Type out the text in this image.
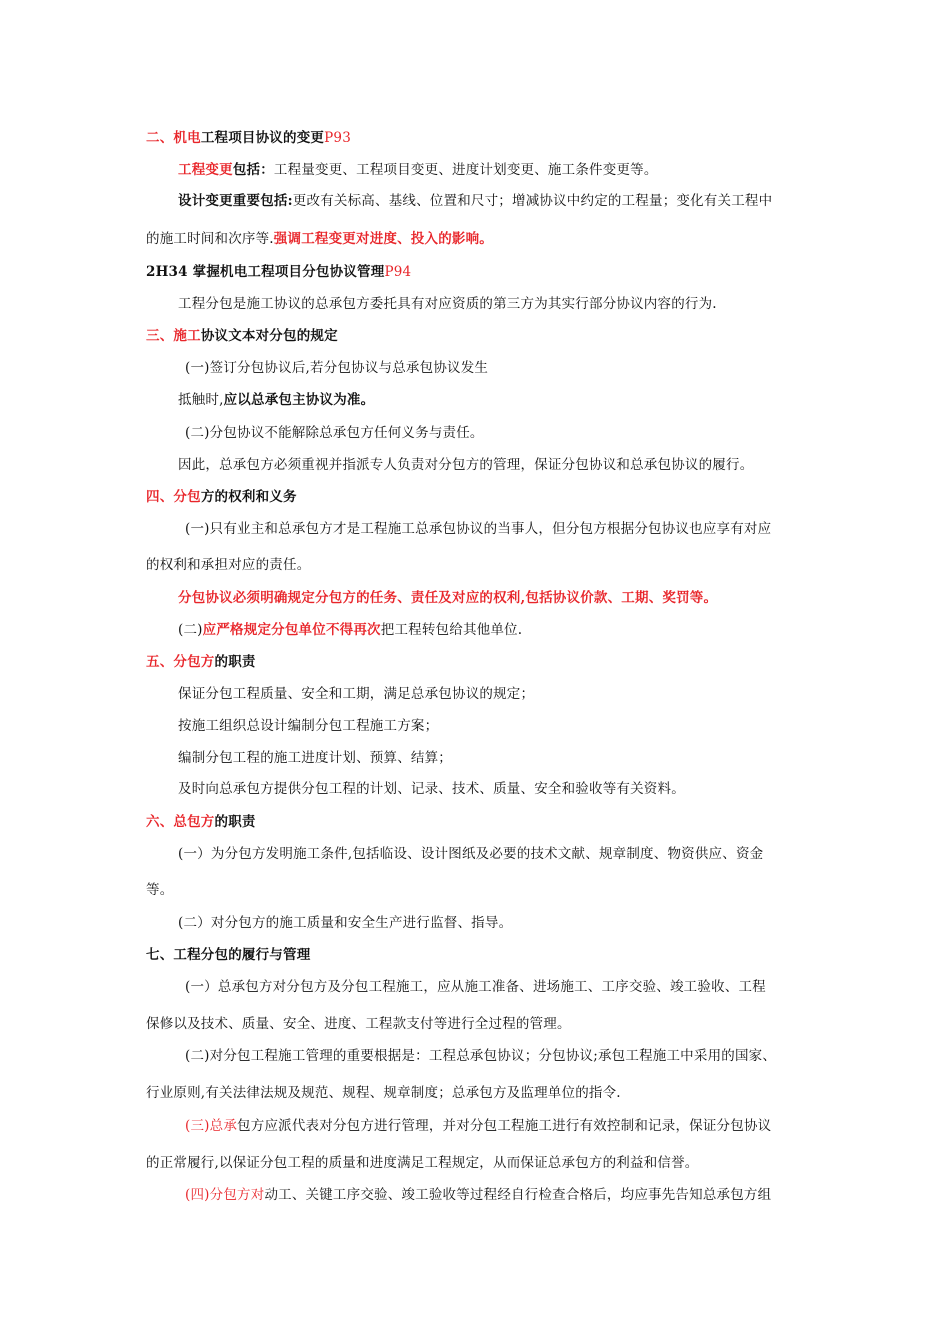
二、机电工程项目协议的变更P93
工程变更包括：工程量变更、工程项目变更、进度计划变更、施工条件变更等。
设计变更重要包括:更改有关标高、基线、位置和尺寸；增减协议中约定的工程量；变化有关工程中
的施工时间和次序等.强调工程变更对进度、投入的影响。
2H34 掌握机电工程项目分包协议管理P94
工程分包是施工协议的总承包方委托具有对应资质的第三方为其实行部分协议内容的行为.
三、施工协议文本对分包的规定
(一)签订分包协议后,若分包协议与总承包协议发生
抵触时,应以总承包主协议为准。
(二)分包协议不能解除总承包方任何义务与责任。
因此，总承包方必须重视并指派专人负责对分包方的管理，保证分包协议和总承包协议的履行。
四、分包方的权利和义务
(一)只有业主和总承包方才是工程施工总承包协议的当事人，但分包方根据分包协议也应享有对应
的权利和承担对应的责任。
分包协议必须明确规定分包方的任务、责任及对应的权利,包括协议价款、工期、奖罚等。
(二)应严格规定分包单位不得再次把工程转包给其他单位.
五、分包方的职责
保证分包工程质量、安全和工期，满足总承包协议的规定；
按施工组织总设计编制分包工程施工方案；
编制分包工程的施工进度计划、预算、结算；
及时向总承包方提供分包工程的计划、记录、技术、质量、安全和验收等有关资料。
六、总包方的职责
(一）为分包方发明施工条件,包括临设、设计图纸及必要的技术文献、规章制度、物资供应、资金
等。
(二）对分包方的施工质量和安全生产进行监督、指导。
七、工程分包的履行与管理
(一）总承包方对分包方及分包工程施工，应从施工准备、进场施工、工序交验、竣工验收、工程
保修以及技术、质量、安全、进度、工程款支付等进行全过程的管理。
(二)对分包工程施工管理的重要根据是：工程总承包协议；分包协议;承包工程施工中采用的国家、
行业原则,有关法律法规及规范、规程、规章制度；总承包方及监理单位的指令.
(三)总承包方应派代表对分包方进行管理，并对分包工程施工进行有效控制和记录，保证分包协议
的正常履行,以保证分包工程的质量和进度满足工程规定，从而保证总承包方的利益和信誉。
(四)分包方对动工、关键工序交验、竣工验收等过程经自行检查合格后，均应事先告知总承包方组
